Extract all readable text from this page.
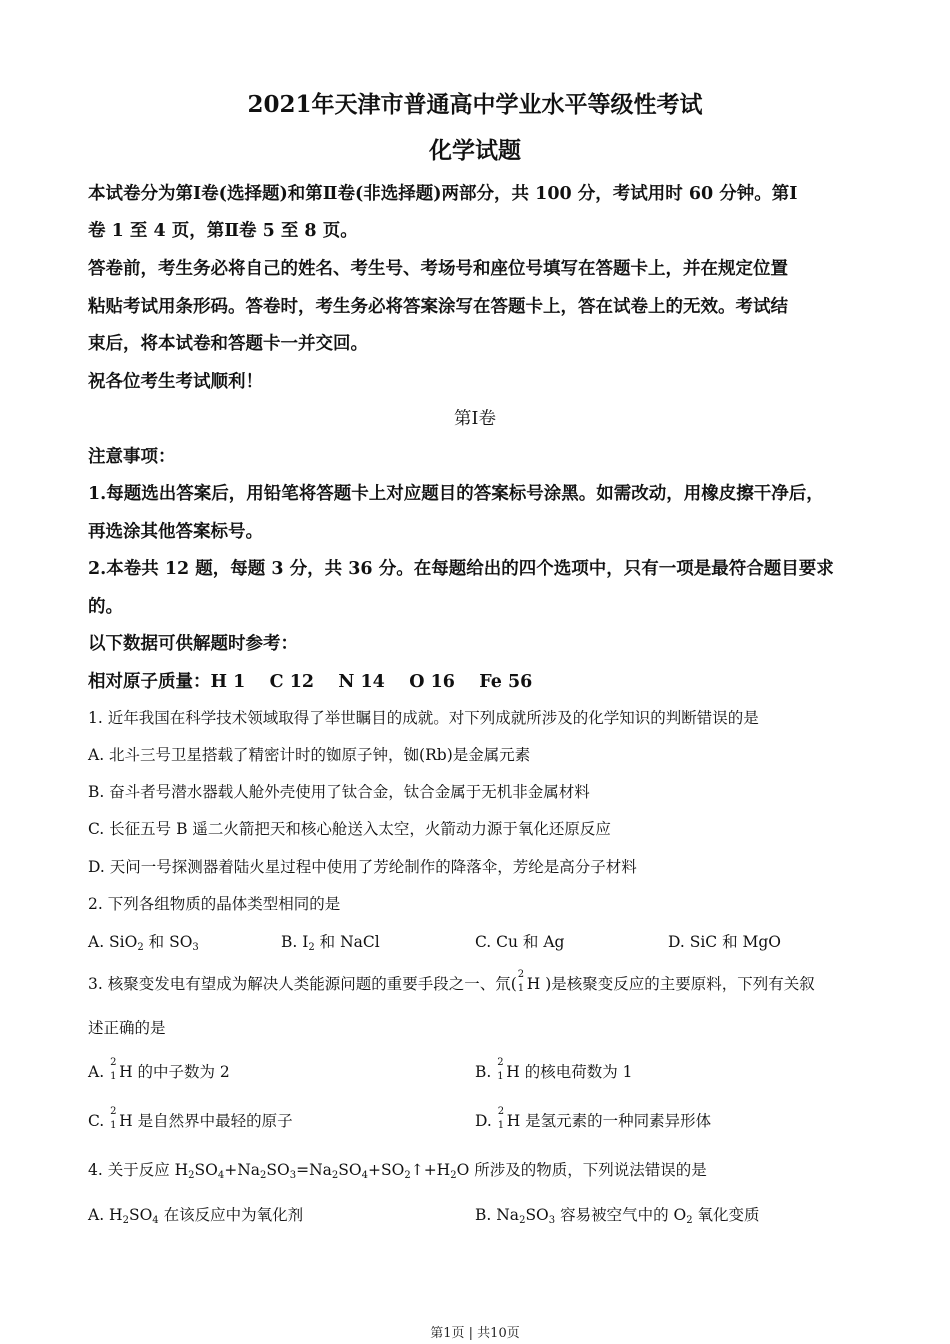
2021年天津市普通高中学业水平等级性考试
化学试题
本试卷分为第Ⅰ卷(选择题)和第Ⅱ卷(非选择题)两部分，共 100 分，考试用时 60 分钟。第Ⅰ
卷 1 至 4 页，第Ⅱ卷 5 至 8 页。
答卷前，考生务必将自己的姓名、考生号、考场号和座位号填写在答题卡上，并在规定位置
粘贴考试用条形码。答卷时，考生务必将答案涂写在答题卡上，答在试卷上的无效。考试结
束后，将本试卷和答题卡一并交回。
祝各位考生考试顺利！
第Ⅰ卷
注意事项：
1.每题选出答案后，用铅笔将答题卡上对应题目的答案标号涂黑。如需改动，用橡皮擦干净后，
再选涂其他答案标号。
2.本卷共 12 题，每题 3 分，共 36 分。在每题给出的四个选项中，只有一项是最符合题目要求
的。
以下数据可供解题时参考：
相对原子质量：H 1    C 12    N 14    O 16    Fe 56
1. 近年我国在科学技术领域取得了举世瞩目的成就。对下列成就所涉及的化学知识的判断错误的是
A. 北斗三号卫星搭载了精密计时的铷原子钟，铷(Rb)是金属元素
B. 奋斗者号潜水器载人舱外壳使用了钛合金，钛合金属于无机非金属材料
C. 长征五号 B 遥二火箭把天和核心舱送入太空，火箭动力源于氧化还原反应
D. 天问一号探测器着陆火星过程中使用了芳纶制作的降落伞，芳纶是高分子材料
2. 下列各组物质的晶体类型相同的是
A. SiO$_2$ 和 $SO_3$	B. $I_2$ 和 NaCl	C. Cu 和 Ag	D. SiC 和 MgO
3. 核聚变发电有望成为解决人类能源问题的重要手段之一、氘(
2
1 H )是核聚变反应的主要原料，下列有关叙
述正确的是
A.
2
1 H 的中子数为 2	B.
2
1 H 的核电荷数为 1
C.
2
1 H 是自然界中最轻的原子	D.
2
1 H 是氢元素的一种同素异形体
4. 关于反应 $H_2SO_4+Na_2SO_3=Na_2SO_4+SO_2↑+H_2O$ 所涉及的物质，下列说法错误的是
A. $H_2SO_4$ 在该反应中为氧化剂	B. $Na_2SO_3$ 容易被空气中的 $O_2$ 氧化变质
第1页 | 共10页
